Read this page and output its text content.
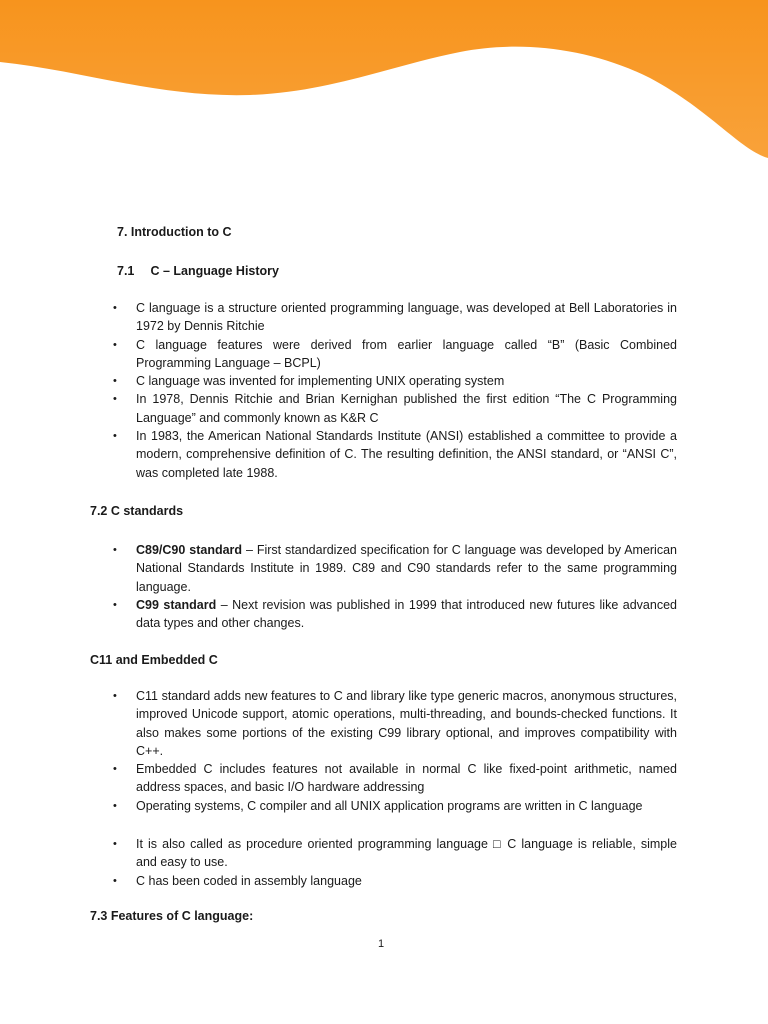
7. Introduction to C
7.1 C – Language History
• C language is a structure oriented programming language, was developed at Bell Laboratories in 1972 by Dennis Ritchie
• C language features were derived from earlier language called “B” (Basic Combined Programming Language – BCPL)
• C language was invented for implementing UNIX operating system
• In 1978, Dennis Ritchie and Brian Kernighan published the first edition “The C Programming Language” and commonly known as K&R C
• In 1983, the American National Standards Institute (ANSI) established a committee to provide a modern, comprehensive definition of C. The resulting definition, the ANSI standard, or “ANSI C”, was completed late 1988.
7.2 C standards
• C89/C90 standard – First standardized specification for C language was developed by American National Standards Institute in 1989. C89 and C90 standards refer to the same programming language.
• C99 standard – Next revision was published in 1999 that introduced new futures like advanced data types and other changes.
C11 and Embedded C
• C11 standard adds new features to C and library like type generic macros, anonymous structures, improved Unicode support, atomic operations, multi-threading, and bounds-checked functions. It also makes some portions of the existing C99 library optional, and improves compatibility with C++.
• Embedded C includes features not available in normal C like fixed-point arithmetic, named address spaces, and basic I/O hardware addressing
• Operating systems, C compiler and all UNIX application programs are written in C language
• It is also called as procedure oriented programming language □ C language is reliable, simple and easy to use.
• C has been coded in assembly language
7.3 Features of C language:
1
